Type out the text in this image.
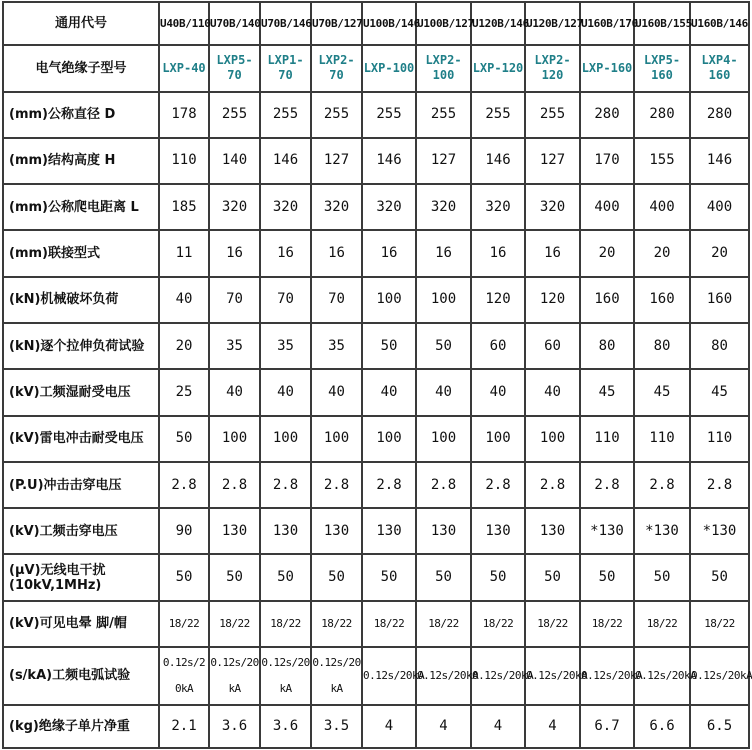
通用代号	U40B/110	U70B/140	U70B/146	U70B/127	U100B/146	U100B/127	U120B/146	U120B/127	U160B/170	U160B/155	U160B/146
电气绝缘子型号	LXP-40	LXP5-70	LXP1-70	LXP2-70	LXP-100	LXP2-100	LXP-120	LXP2-120	LXP-160	LXP5-160	LXP4-160
(mm)公称直径 D	178	255	255	255	255	255	255	255	280	280	280
(mm)结构高度 H	110	140	146	127	146	127	146	127	170	155	146
(mm)公称爬电距离 L	185	320	320	320	320	320	320	320	400	400	400
(mm)联接型式	11	16	16	16	16	16	16	16	20	20	20
(kN)机械破坏负荷	40	70	70	70	100	100	120	120	160	160	160
(kN)逐个拉伸负荷试验	20	35	35	35	50	50	60	60	80	80	80
(kV)工频湿耐受电压	25	40	40	40	40	40	40	40	45	45	45
(kV)雷电冲击耐受电压	50	100	100	100	100	100	100	100	110	110	110
(P.U)冲击击穿电压	2.8	2.8	2.8	2.8	2.8	2.8	2.8	2.8	2.8	2.8	2.8
(kV)工频击穿电压	90	130	130	130	130	130	130	130	*130	*130	*130
(μV)无线电干扰 (10kV,1MHz)	50	50	50	50	50	50	50	50	50	50	50
(kV)可见电晕 脚/帽	18/22	18/22	18/22	18/22	18/22	18/22	18/22	18/22	18/22	18/22	18/22
(s/kA)工频电弧试验	0.12s/20kA	0.12s/20kA	0.12s/20kA	0.12s/20kA	0.12s/20kA	0.12s/20kA	0.12s/20kA	0.12s/20kA	0.12s/20kA	0.12s/20kA	0.12s/20kA
(kg)绝缘子单片净重	2.1	3.6	3.6	3.5	4	4	4	4	6.7	6.6	6.5
